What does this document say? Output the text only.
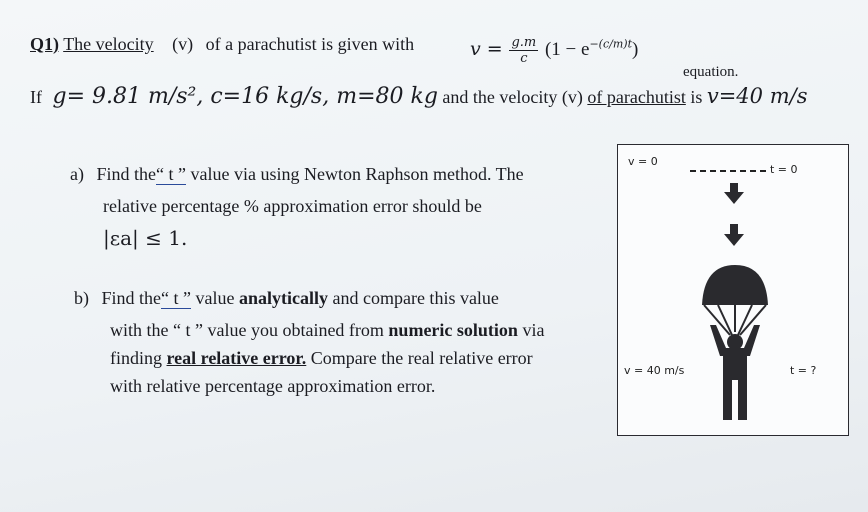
Q1) The velocity (v) of a parachutist is given with	$v = \frac{g.m}{c} (1 - e^{-(c/m)t})$
equation.
If g= 9.81 m/s², c=16 kg/s, m=80 kg and the velocity (v) of parachutist is v=40 m/s
a) Find the“ t ” value via using Newton Raphson method. The
relative percentage % approximation error should be
|εa| ≤ 1.
b) Find the“ t ” value analytically and compare this value
with the “ t ” value you obtained from numeric solution via
finding real relative error. Compare the real relative error
with relative percentage approximation error.
v = 0
t = 0
v = 40 m/s	t = ?
